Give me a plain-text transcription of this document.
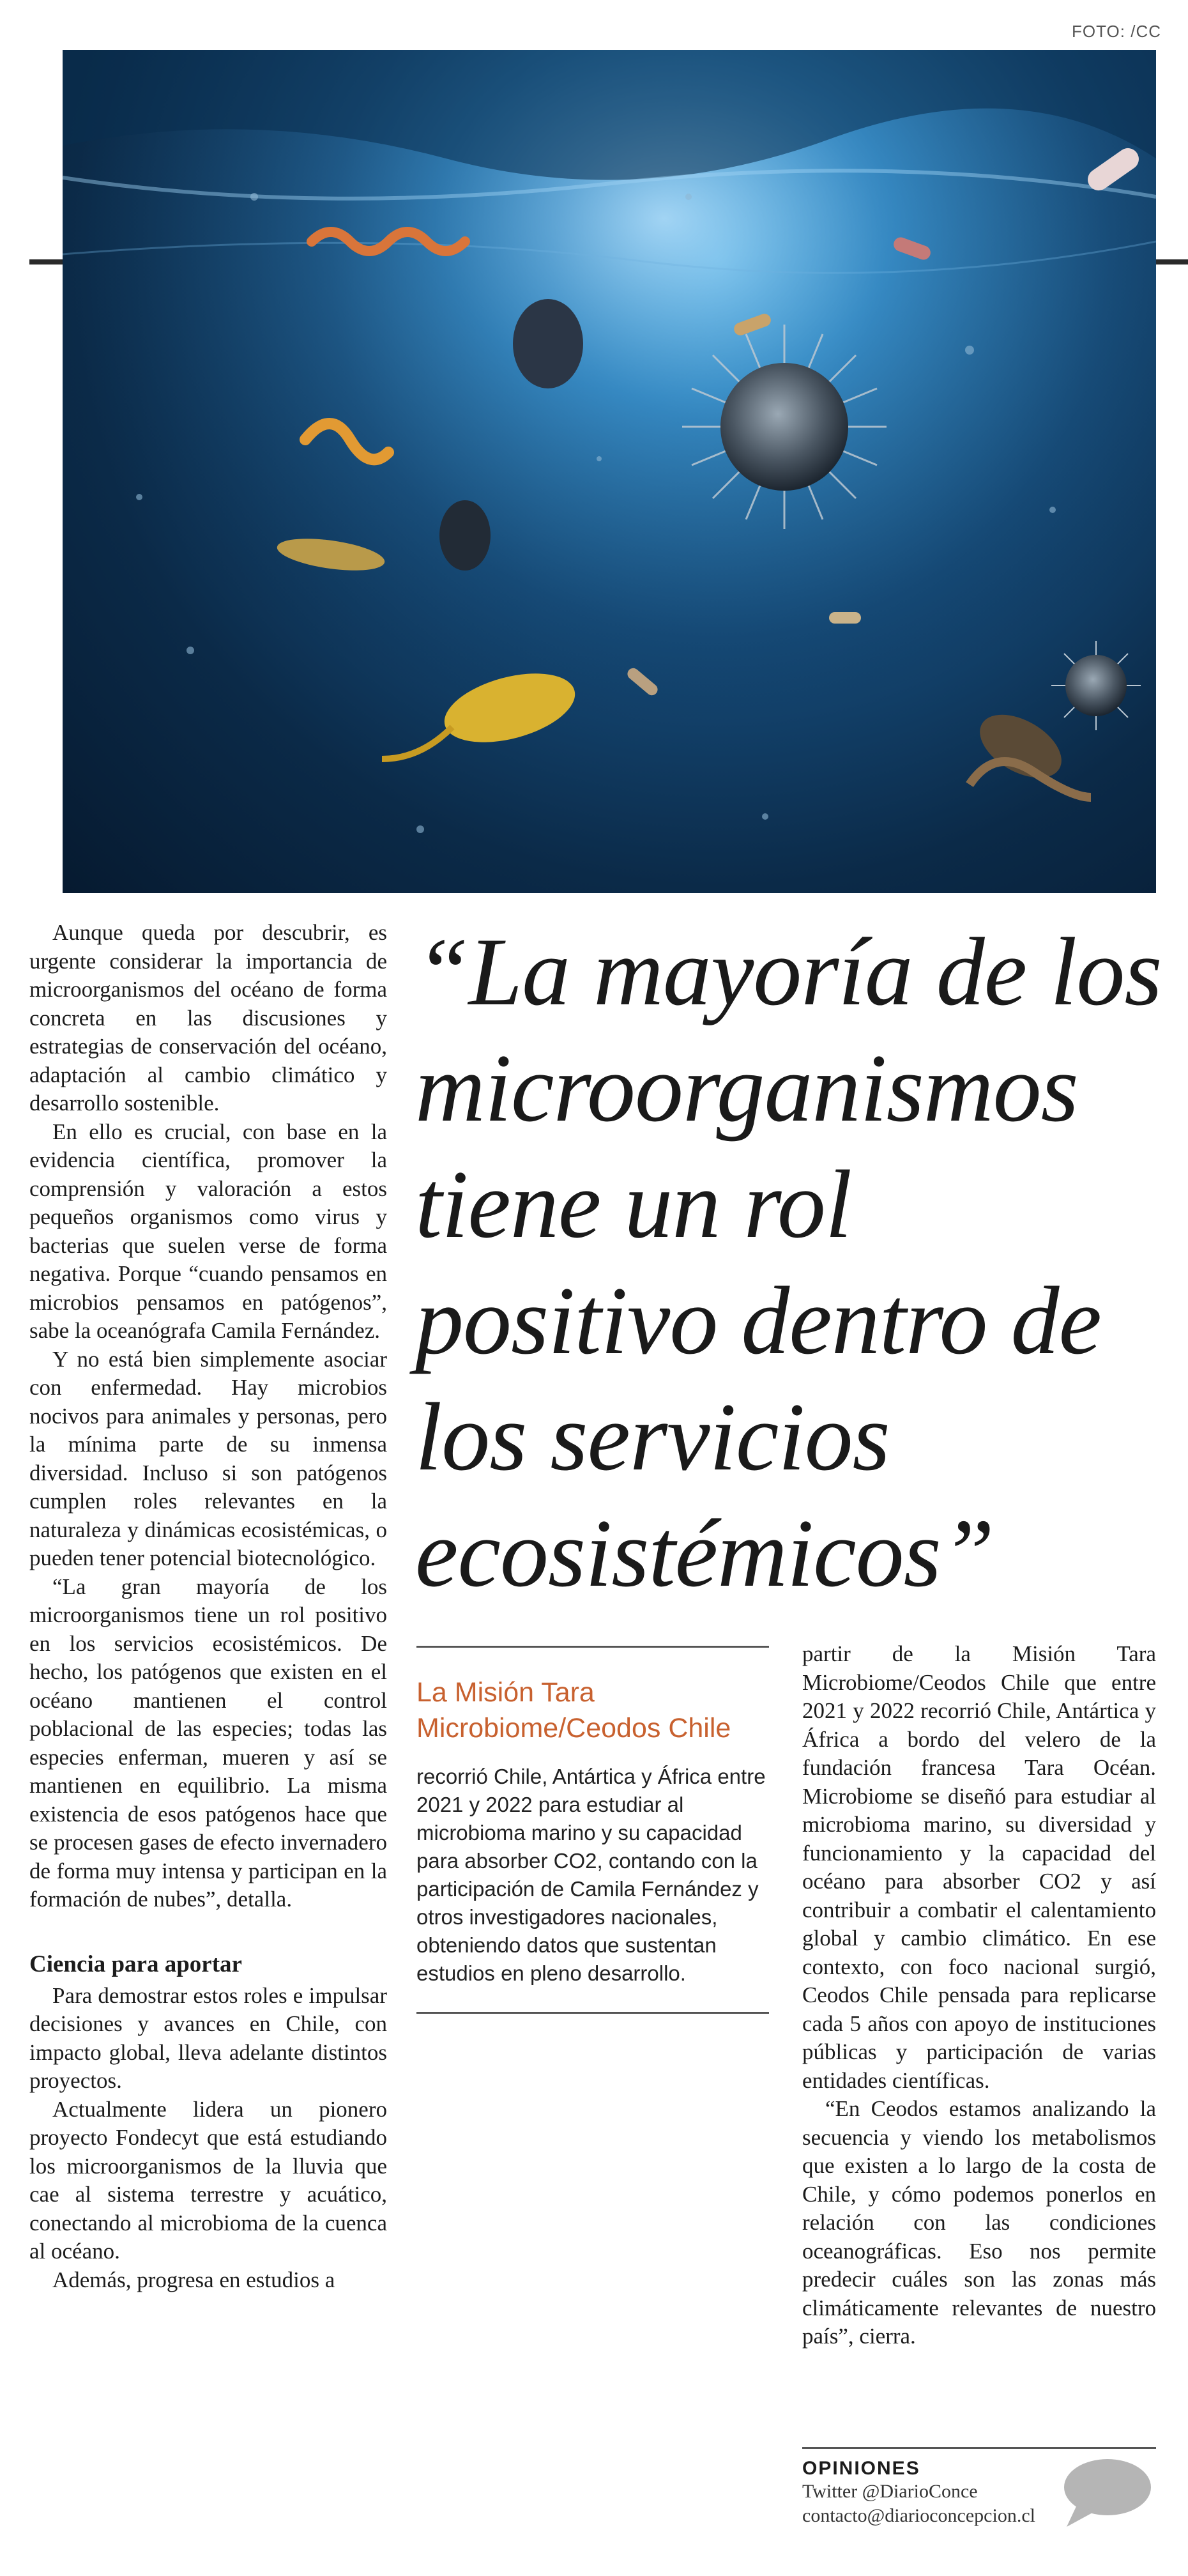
FOTO: /CC

Aunque queda por descubrir, es urgente considerar la importancia de microorganismos del océano de forma concreta en las discusiones y estrategias de conservación del océano, adaptación al cambio climático y desarrollo sostenible.

En ello es crucial, con base en la evidencia científica, promover la comprensión y valoración a estos pequeños organismos como virus y bacterias que suelen verse de forma negativa. Porque “cuando pensamos en microbios pensamos en patógenos”, sabe la oceanógrafa Camila Fernández.

Y no está bien simplemente asociar con enfermedad. Hay microbios nocivos para animales y personas, pero la mínima parte de su inmensa diversidad. Incluso si son patógenos cumplen roles relevantes en la naturaleza y dinámicas ecosistémicas, o pueden tener potencial biotecnológico.

“La gran mayoría de los microorganismos tiene un rol positivo en los servicios ecosistémicos. De hecho, los patógenos que existen en el océano mantienen el control poblacional de las especies; todas las especies enferman, mueren y así se mantienen en equilibrio. La misma existencia de esos patógenos hace que se procesen gases de efecto invernadero de forma muy intensa y participan en la formación de nubes”, detalla.

Ciencia para aportar

Para demostrar estos roles e impulsar decisiones y avances en Chile, con impacto global, lleva adelante distintos proyectos.

Actualmente lidera un pionero proyecto Fondecyt que está estudiando los microorganismos de la lluvia que cae al sistema terrestre y acuático, conectando al microbioma de la cuenca al océano.

Además, progresa en estudios a

“La mayoría de los microorganismos tiene un rol positivo dentro de los servicios ecosistémicos”
La Misión Tara Microbiome/Ceodos Chile

recorrió Chile, Antártica y África entre 2021 y 2022 para estudiar al microbioma marino y su capacidad para absorber CO2, contando con la participación de Camila Fernández y otros investigadores nacionales, obteniendo datos que sustentan estudios en pleno desarrollo.

partir de la Misión Tara Microbiome/Ceodos Chile que entre 2021 y 2022 recorrió Chile, Antártica y África a bordo del velero de la fundación francesa Tara Océan. Microbiome se diseñó para estudiar al microbioma marino, su diversidad y funcionamiento y la capacidad del océano para absorber CO2 y así contribuir a combatir el calentamiento global y cambio climático. En ese contexto, con foco nacional surgió, Ceodos Chile pensada para replicarse cada 5 años con apoyo de instituciones públicas y participación de varias entidades científicas.

“En Ceodos estamos analizando la secuencia y viendo los metabolismos que existen a lo largo de la costa de Chile, y cómo podemos ponerlos en relación con las condiciones oceanográficas. Eso nos permite predecir cuáles son las zonas más climáticamente relevantes de nuestro país”, cierra.

OPINIONES
Twitter @DiarioConce
contacto@diarioconcepcion.cl
